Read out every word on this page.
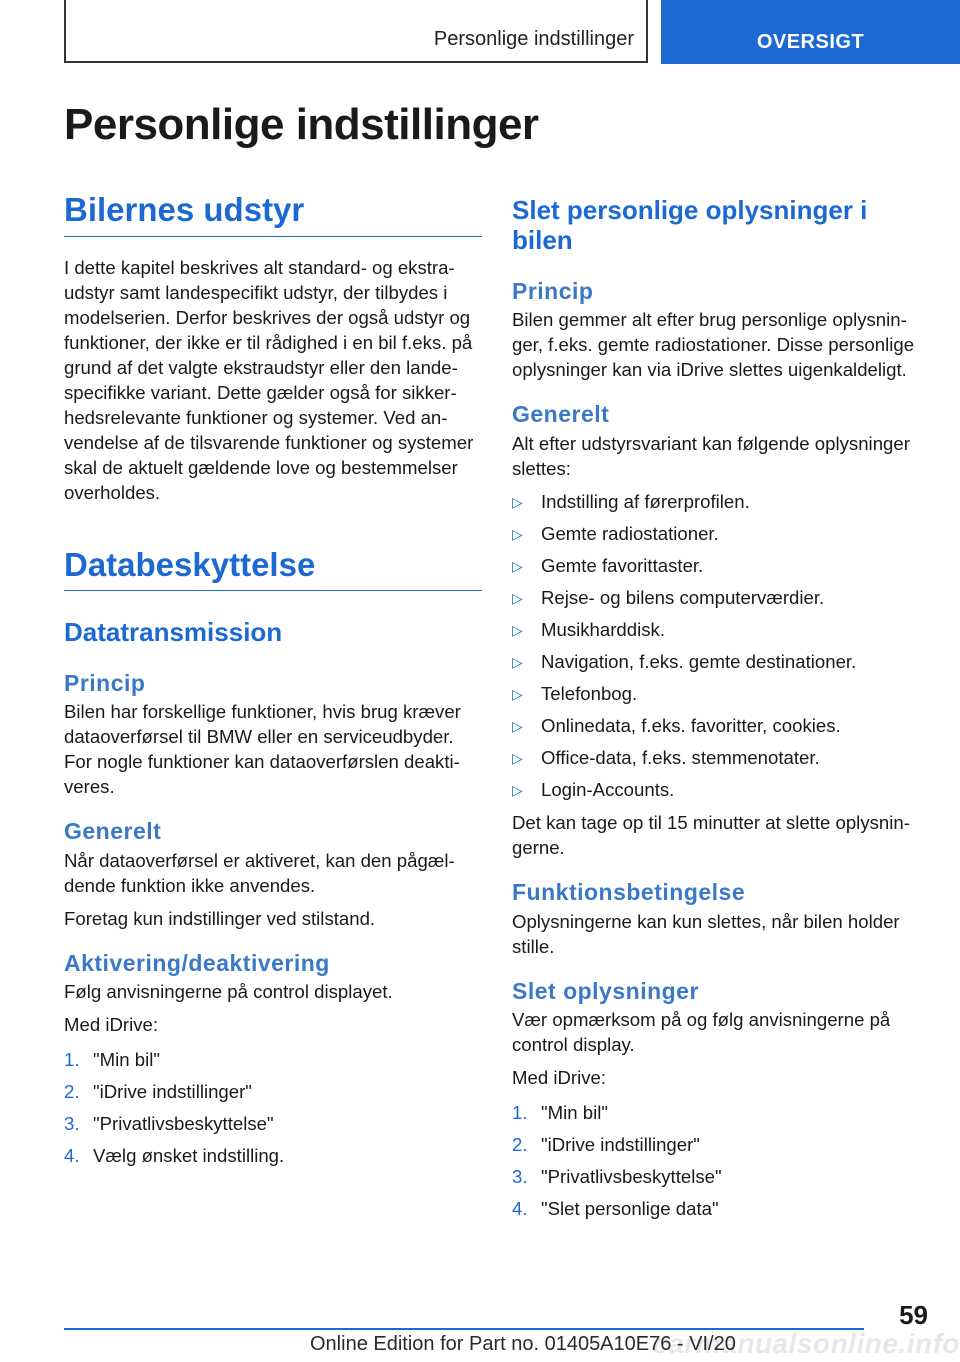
Personlige indstillinger	OVERSIGT
Personlige indstillinger
Bilernes udstyr

I dette kapitel beskrives alt standard- og ekstraudstyr samt landespecifikt udstyr, der tilbydes i modelserien. Derfor beskrives der også udstyr og funktioner, der ikke er til rådighed i en bil f.eks. på grund af det valgte ekstraudstyr eller den landespecifikke variant. Dette gælder også for sikkerhedsrelevante funktioner og systemer. Ved anvendelse af de tilsvarende funktioner og systemer skal de aktuelt gældende love og bestemmelser overholdes.

Databeskyttelse
Datatransmission
Princip

Bilen har forskellige funktioner, hvis brug kræver dataoverførsel til BMW eller en serviceudbyder. For nogle funktioner kan dataoverførslen deaktiveres.

Generelt

Når dataoverførsel er aktiveret, kan den pågældende funktion ikke anvendes.

Foretag kun indstillinger ved stilstand.

Aktivering/deaktivering

Følg anvisningerne på control displayet.

Med iDrive:

1. "Min bil"
2. "iDrive indstillinger"
3. "Privatlivsbeskyttelse"
4. Vælg ønsket indstilling.
Slet personlige oplysninger i bilen
Princip

Bilen gemmer alt efter brug personlige oplysninger, f.eks. gemte radiostationer. Disse personlige oplysninger kan via iDrive slettes uigenkaldeligt.

Generelt

Alt efter udstyrsvariant kan følgende oplysninger slettes:

▷ Indstilling af førerprofilen.
▷ Gemte radiostationer.
▷ Gemte favorittaster.
▷ Rejse- og bilens computerværdier.
▷ Musikharddisk.
▷ Navigation, f.eks. gemte destinationer.
▷ Telefonbog.
▷ Onlinedata, f.eks. favoritter, cookies.
▷ Office-data, f.eks. stemmenotater.
▷ Login-Accounts.

Det kan tage op til 15 minutter at slette oplysningerne.

Funktionsbetingelse

Oplysningerne kan kun slettes, når bilen holder stille.

Slet oplysninger

Vær opmærksom på og følg anvisningerne på control display.

Med iDrive:

1. "Min bil"
2. "iDrive indstillinger"
3. "Privatlivsbeskyttelse"
4. "Slet personlige data"
59
carmanualsonline.info
Online Edition for Part no. 01405A10E76 - VI/20
